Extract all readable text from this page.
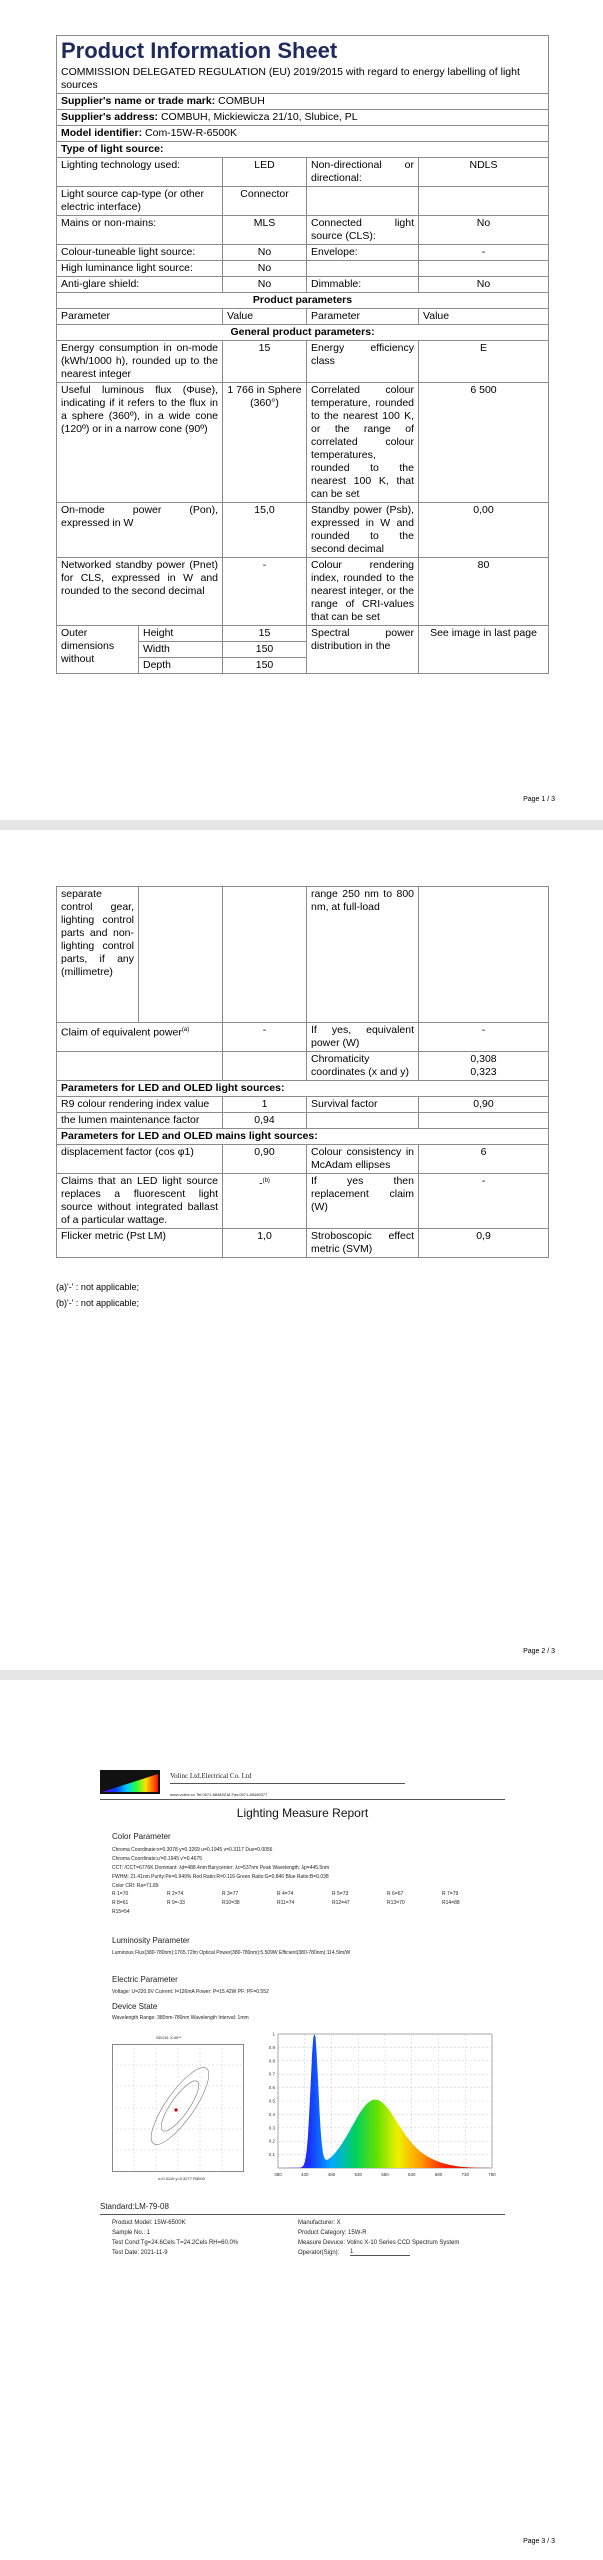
Product Information Sheet				

COMMISSION DELEGATED REGULATION (EU) 2019/2015 with regard to energy labelling of light sources				
Supplier's name or trade mark: COMBUH				
Supplier's address: COMBUH, Mickiewicza 21/10, Slubice, PL				
Model identifier: Com-15W-R-6500K				
Type of light source:				
Lighting technology used:		LED	Non-directional or directional:	NDLS
Light source cap-type (or other electric interface)		Connector		
Mains or non-mains:		MLS	Connected light source (CLS):	No
Colour-tuneable light source:		No	Envelope:	-
High luminance light source:		No		
Anti-glare shield:		No	Dimmable:	No
Product parameters				
Parameter		Value	Parameter	Value
General product parameters:				
Energy consumption in on-mode (kWh/1000 h), rounded up to the nearest integer		15	Energy efficiency class	E
Useful luminous flux (Φuse), indicating if it refers to the flux in a sphere (360º), in a wide cone (120º) or in a narrow cone (90º)		1 766 in Sphere (360°)	Correlated colour temperature, rounded to the nearest 100 K, or the range of correlated colour temperatures, rounded to the nearest 100 K, that can be set	6 500
On-mode power (Pon), expressed in W		15,0	Standby power (Psb), expressed in W and rounded to the second decimal	0,00
Networked standby power (Pnet) for CLS, expressed in W and rounded to the second decimal		-	Colour rendering index, rounded to the nearest integer, or the range of CRI-values that can be set	80
Outer dimensions without	Height	15	Spectral power distribution in the	See image in last page
	Width	150		
	Depth	150		
Page 1 / 3
separate control gear, lighting control parts and non-lighting control parts, if any (millimetre)			range 250 nm to 800 nm, at full-load	
Claim of equivalent power$^{(a)}$		-	If yes, equivalent power (W)	-
			Chromaticity coordinates (x and y)	0,308
0,323

Parameters for LED and OLED light sources:				
R9 colour rendering index value		1	Survival factor	0,90
the lumen maintenance factor		0,94		
Parameters for LED and OLED mains light sources:				
displacement factor (cos φ1)		0,90	Colour consistency in McAdam ellipses	6
Claims that an LED light source replaces a fluorescent light source without integrated ballast of a particular wattage.		-$^{(b)}$	If yes then replacement claim (W)	-
Flicker metric (Pst LM)		1,0	Stroboscopic effect metric (SVM)	0,9
(a)'-' : not applicable;
(b)'-' : not applicable;
Page 2 / 3
Volinc Ltd.Electrical Co. Ltd
www.volinc.cn Tel:0571-88489218 Fax:0571-88489377
Lighting Measure Report
Color Parameter
Chroma Coordinate:x=0.3078 y=0.3269 u=0.1945 v=0.3117 Duv=0.0056
Chroma Coordinate:u'=0.1945 v'=0.4675
CCT: /CCT=6776K Dominant: λd=488.4nm Barycenter: λc=537nm Peak Wavelength: λp=445.5nm
FWHM: 21.41nm Purity:Pe=6.949% Red Ratio:R=0.116 Green Ratio:G=0.846 Blue Ratio:B=0.038
Color CRI: Ra=71.89
R 1=70	R 2=74	R 3=77	R 4=74	R 5=73	R 6=67	R 7=79
R 8=61	R 9=-33	R10=38	R11=74	R12=47	R13=70	R14=88
R15=54
Luminosity Parameter
Luminous Flux(380-780nm):1765.72lm Optical Power(380-780nm):5.509W Efficient(380-780nm):114.5lm/W
Electric Parameter
Voltage: U=220.9V Current: I=126mA Power: P=15.42W PF: PF=0.552
Device State
Wavelength Range: 380nm-780nm Wavelength Interval: 1mm
SDCM: X:40**
x=0.3110 y=0.3277 R5000
380	430	480	530	580	630	680	730	780
0.1
0.2
0.3
0.4
0.5
0.6
0.7
0.8
0.9
1
Standard:LM-79-08
Product Model: 15W-6500K	Manufacturer: X
Sample No.: 1	Product Category: 15W-R
Test Cond:Tg=24.6Cels T=24.2Cels RH=60.0%	Measure Devuce: Volinc X-10 Series CCD Spectrum System
Test Date: 2021-11-9	Operator(Sign): 1
Page 3 / 3
